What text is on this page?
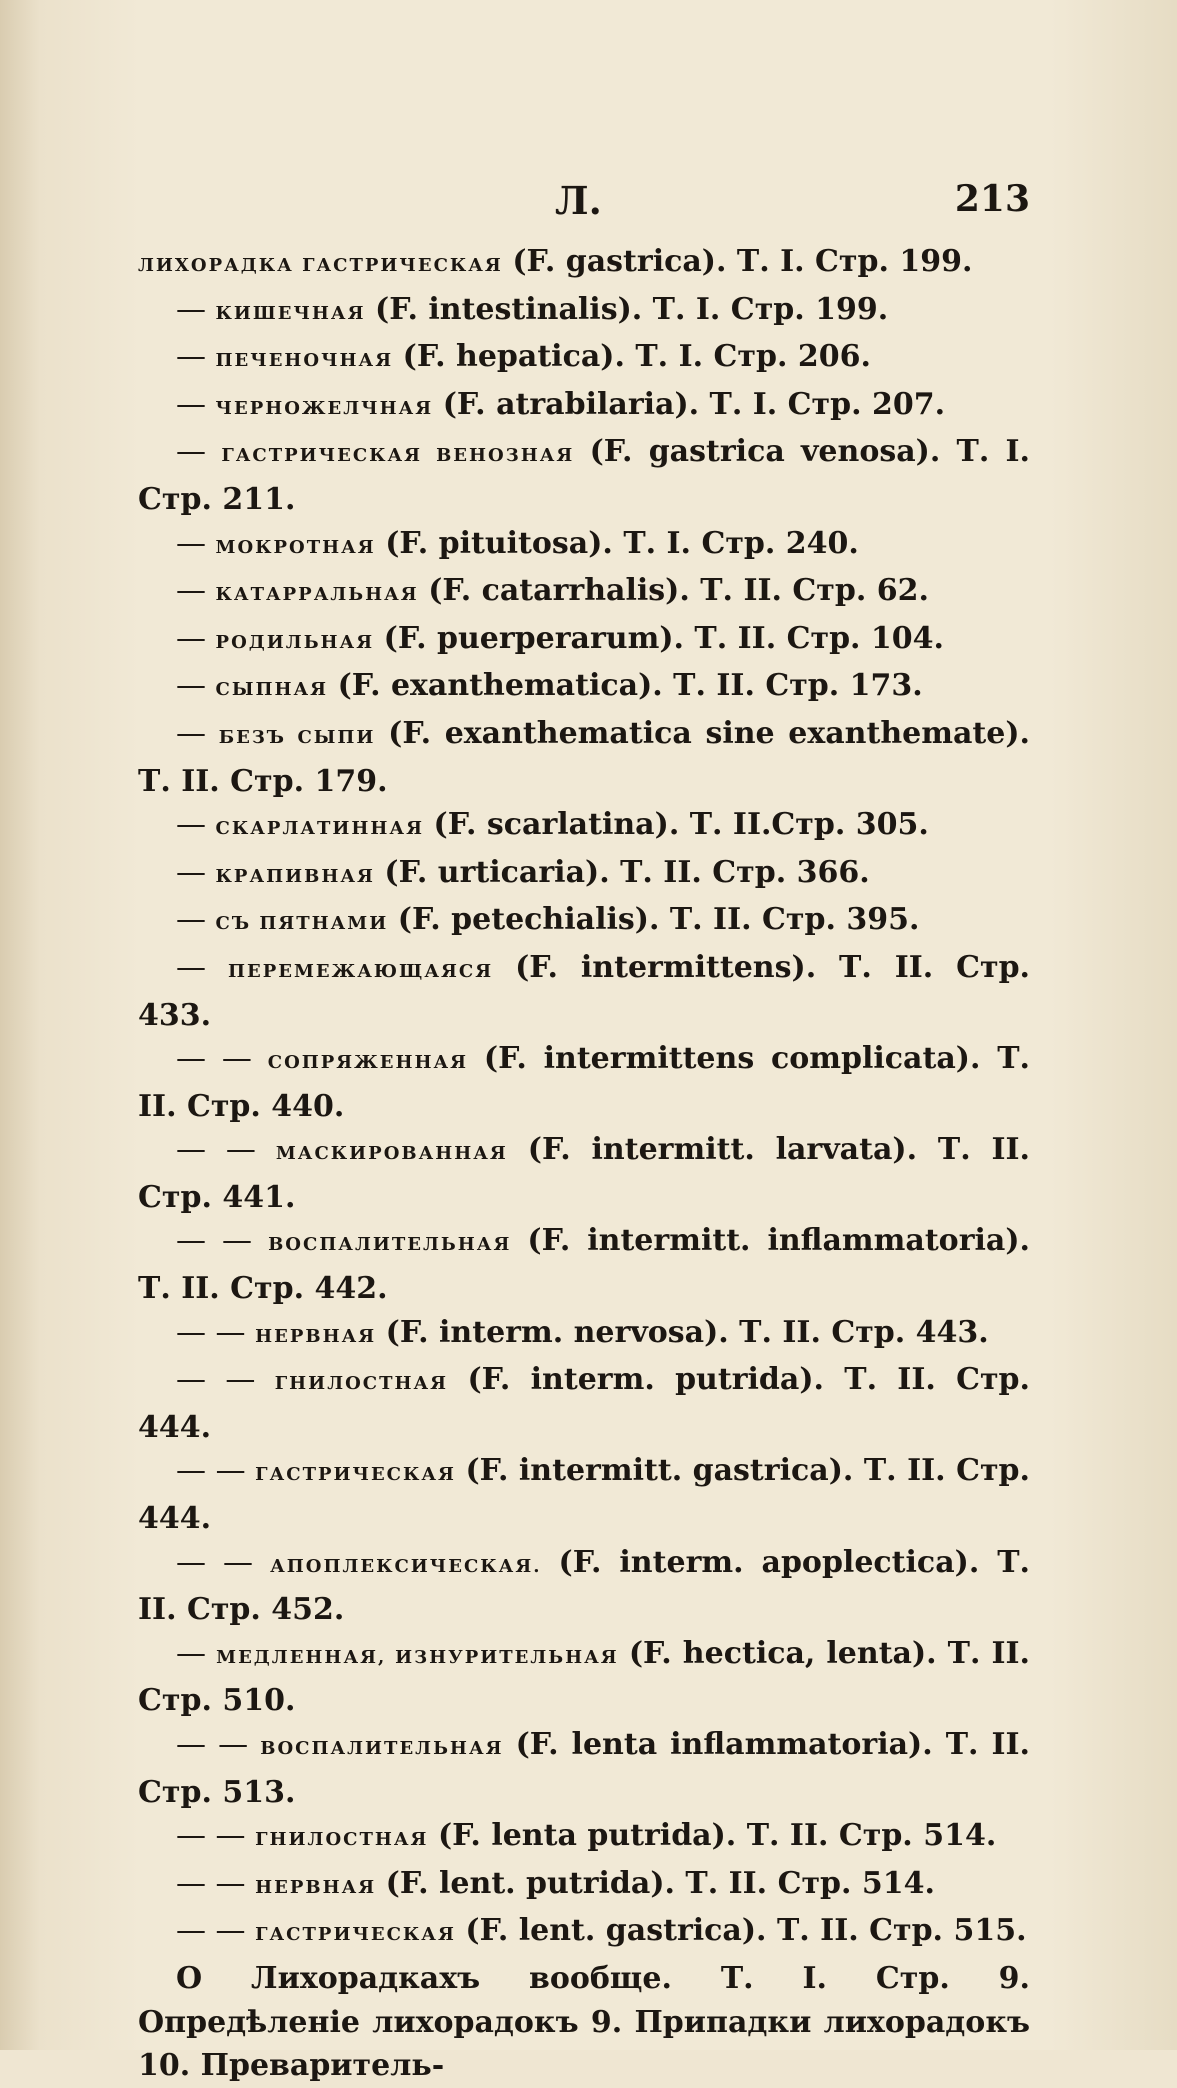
Л.	213
ЛИХОРАДКА ГАСТРИЧЕСКАЯ (F. gastrica). Т. I. Стр. 199.
— КИШЕЧНАЯ (F. intestinalis). Т. I. Стр. 199.
— ПЕЧЕНОЧНАЯ (F. hepatica). Т. I. Стр. 206.
— ЧЕРНОЖЕЛЧНАЯ (F. atrabilaria). Т. I. Стр. 207.
— ГАСТРИЧЕСКАЯ ВЕНОЗНАЯ (F. gastrica venosa). Т. I. Стр. 211.
— МОКРОТНАЯ (F. pituitosa). Т. I. Стр. 240.
— КАТАРРАЛЬНАЯ (F. catarrhalis). Т. II. Стр. 62.
— РОДИЛЬНАЯ (F. puerperarum). Т. II. Стр. 104.
— СЫПНАЯ (F. exanthematica). Т. II. Стр. 173.
— БЕЗЪ СЫПИ (F. exanthematica sine exanthemate). Т. II. Стр. 179.
— СКАРЛАТИННАЯ (F. scarlatina). Т. II.Стр. 305.
— КРАПИВНАЯ (F. urticaria). Т. II. Стр. 366.
— СЪ ПЯТНАМИ (F. petechialis). Т. II. Стр. 395.
— ПЕРЕМЕЖАЮЩАЯСЯ (F. intermittens). Т. II. Стр. 433.
— — СОПРЯЖЕННАЯ (F. intermittens complicata). Т. II. Стр. 440.
— — МАСКИРОВАННАЯ (F. intermitt. larvata). Т. II. Стр. 441.
— — ВОСПАЛИТЕЛЬНАЯ (F. intermitt. inflammatoria). Т. II. Стр. 442.
— — НЕРВНАЯ (F. interm. nervosa). Т. II. Стр. 443.
— — ГНИЛОСТНАЯ (F. interm. putrida). Т. II. Стр. 444.
— — ГАСТРИЧЕСКАЯ (F. intermitt. gastrica). Т. II. Стр. 444.
— — АПОПЛЕКСИЧЕСКАЯ. (F. interm. apoplectica). Т. II. Стр. 452.
— МЕДЛЕННАЯ, ИЗНУРИТЕЛЬНАЯ (F. hectica, lenta). Т. II. Стр. 510.
— — ВОСПАЛИТЕЛЬНАЯ (F. lenta inflammatoria). Т. II. Стр. 513.
— — ГНИЛОСТНАЯ (F. lenta putrida). Т. II. Стр. 514.
— — НЕРВНАЯ (F. lent. putrida). Т. II. Стр. 514.
— — ГАСТРИЧЕСКАЯ (F. lent. gastrica). Т. II. Стр. 515.
О Лихорадкахъ вообще. Т. I. Стр. 9. Опредѣленіе лихорадокъ 9. Припадки лихорадокъ 10. Преваритель-
